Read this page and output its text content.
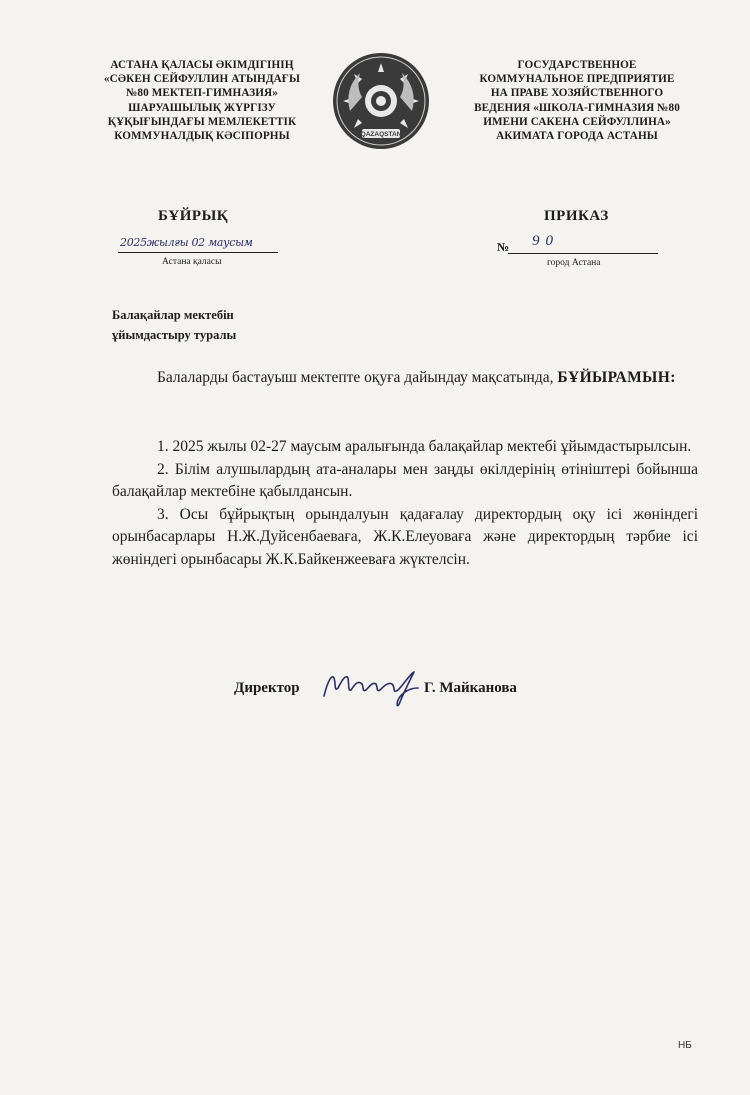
АСТАНА ҚАЛАСЫ ӘКІМДІГІНІҢ
«СӘКЕН СЕЙФУЛЛИН АТЫНДАҒЫ
№80 МЕКТЕП-ГИМНАЗИЯ»
ШАРУАШЫЛЫҚ ЖҮРГІЗУ
ҚҰҚЫҒЫНДАҒЫ МЕМЛЕКЕТТІК
КОММУНАЛДЫҚ КӘСІПОРНЫ	QAZAQSTAN
ГОСУДАРСТВЕННОЕ
КОММУНАЛЬНОЕ ПРЕДПРИЯТИЕ
НА ПРАВЕ ХОЗЯЙСТВЕННОГО
ВЕДЕНИЯ «ШКОЛА-ГИМНАЗИЯ №80
ИМЕНИ САКЕНА СЕЙФУЛЛИНА»
АКИМАТА ГОРОДА АСТАНЫ
БҰЙРЫҚ	ПРИКАЗ
2025жылғы 02 маусым
Астана қаласы
№ 90
город Астана
Балақайлар мектебін
ұйымдастыру туралы
Балаларды бастауыш мектепте оқуға дайындау мақсатында, БҰЙЫРАМЫН:

1. 2025 жылы 02-27 маусым аралығында балақайлар мектебі ұйымдастырылсын.

2. Білім алушылардың ата-аналары мен заңды өкілдерінің өтініштері бойынша балақайлар мектебіне қабылдансын.

3. Осы бұйрықтың орындалуын қадағалау директордың оқу ісі жөніндегі орынбасарлары Н.Ж.Дуйсенбаеваға, Ж.К.Елеуоваға және директордың тәрбие ісі жөніндегі орынбасары Ж.К.Байкенжееваға жүктелсін.

Директор	Г. Майканова
НБ
